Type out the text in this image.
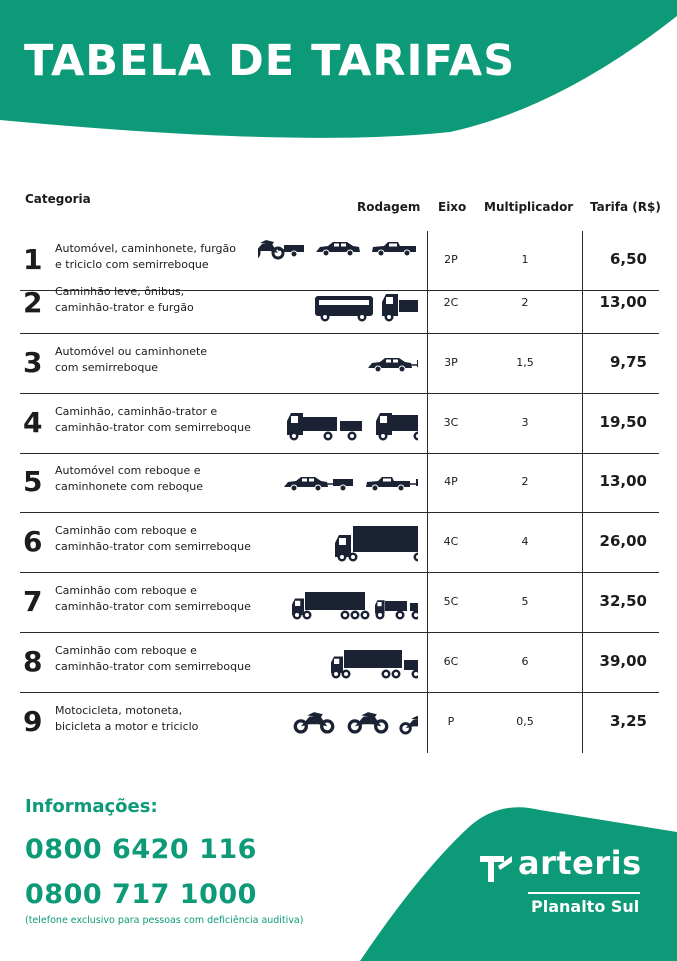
TABELA DE TARIFAS
Categoria
Rodagem Eixo Multiplicador Tarifa (R$)
1 Automóvel, caminhonete, furgão
e triciclo com semirreboque	2P	1	6,50
2 Caminhão leve, ônibus,
caminhão-trator e furgão	2C	2	13,00
3 Automóvel ou caminhonete
com semirreboque	3P	1,5	9,75
4 Caminhão, caminhão-trator e
caminhão-trator com semirreboque	3C	3	19,50
5 Automóvel com reboque e
caminhonete com reboque	4P	2	13,00
6 Caminhão com reboque e
caminhão-trator com semirreboque	4C	4	26,00
7 Caminhão com reboque e
caminhão-trator com semirreboque	5C	5	32,50
8 Caminhão com reboque e
caminhão-trator com semirreboque	6C	6	39,00
9 Motocicleta, motoneta,
bicicleta a motor e triciclo	P	0,5	3,25
Informações:
0800 6420 116
0800 717 1000
(telefone exclusivo para pessoas com deficiência auditiva)
arteris
Planalto Sul
